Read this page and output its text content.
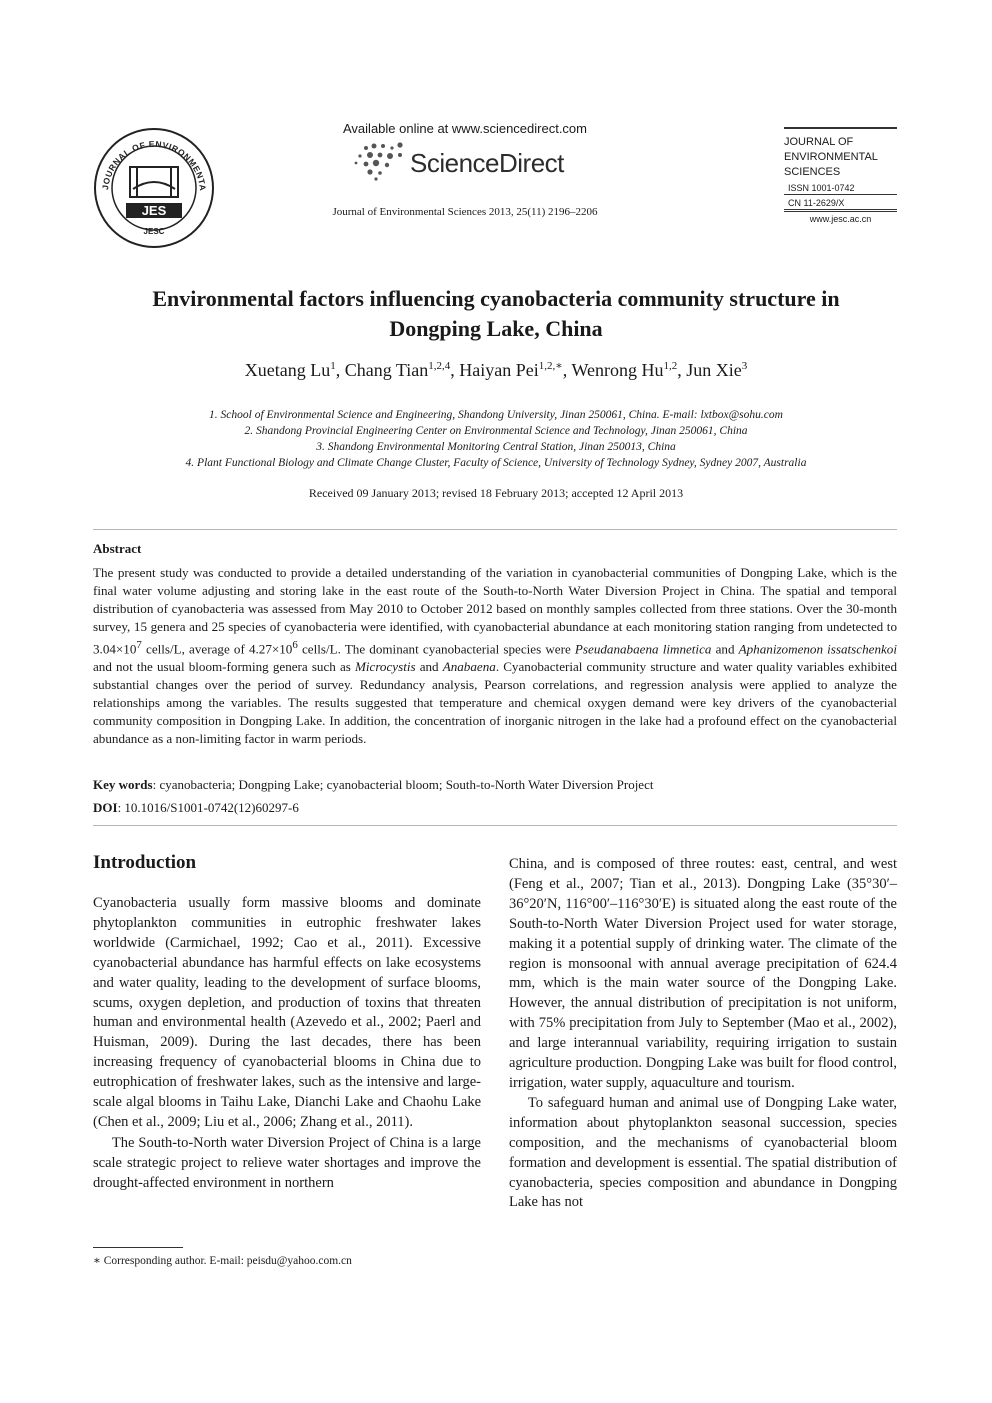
JOURNAL OF ENVIRONMENTA
JES
JESC
Available online at www.sciencedirect.com
ScienceDirect
Journal of Environmental Sciences 2013, 25(11) 2196–2206
JOURNAL OF
ENVIRONMENTAL
SCIENCES
ISSN 1001-0742
CN 11-2629/X
www.jesc.ac.cn
Environmental factors influencing cyanobacteria community structure in
Dongping Lake, China
Xuetang Lu$^1$, Chang Tian$^{1,2,4}$, Haiyan Pei$^{1,2,∗}$, Wenrong Hu$^{1,2}$, Jun Xie$^3$
1. School of Environmental Science and Engineering, Shandong University, Jinan 250061, China. E-mail: lxtbox@sohu.com
2. Shandong Provincial Engineering Center on Environmental Science and Technology, Jinan 250061, China
3. Shandong Environmental Monitoring Central Station, Jinan 250013, China
4. Plant Functional Biology and Climate Change Cluster, Faculty of Science, University of Technology Sydney, Sydney 2007, Australia
Received 09 January 2013; revised 18 February 2013; accepted 12 April 2013
Abstract
The present study was conducted to provide a detailed understanding of the variation in cyanobacterial communities of Dongping Lake, which is the final water volume adjusting and storing lake in the east route of the South-to-North Water Diversion Project in China. The spatial and temporal distribution of cyanobacteria was assessed from May 2010 to October 2012 based on monthly samples collected from three stations. Over the 30-month survey, 15 genera and 25 species of cyanobacteria were identified, with cyanobacterial abundance at each monitoring station ranging from undetected to $3.04\times 10^7$ cells/L, average of $4.27\times 10^6$ cells/L. The dominant cyanobacterial species were Pseudanabaena limnetica and Aphanizomenon issatschenkoi and not the usual bloom-forming genera such as Microcystis and Anabaena. Cyanobacterial community structure and water quality variables exhibited substantial changes over the period of survey. Redundancy analysis, Pearson correlations, and regression analysis were applied to analyze the relationships among the variables. The results suggested that temperature and chemical oxygen demand were key drivers of the cyanobacterial community composition in Dongping Lake. In addition, the concentration of inorganic nitrogen in the lake had a profound effect on the cyanobacterial abundance as a non-limiting factor in warm periods.
Key words: cyanobacteria; Dongping Lake; cyanobacterial bloom; South-to-North Water Diversion Project
DOI: 10.1016/S1001-0742(12)60297-6
Introduction

Cyanobacteria usually form massive blooms and dominate phytoplankton communities in eutrophic freshwater lakes worldwide (Carmichael, 1992; Cao et al., 2011). Excessive cyanobacterial abundance has harmful effects on lake ecosystems and water quality, leading to the development of surface blooms, scums, oxygen depletion, and production of toxins that threaten human and environmental health (Azevedo et al., 2002; Paerl and Huisman, 2009). During the last decades, there has been increasing frequency of cyanobacterial blooms in China due to eutrophication of freshwater lakes, such as the intensive and large-scale algal blooms in Taihu Lake, Dianchi Lake and Chaohu Lake (Chen et al., 2009; Liu et al., 2006; Zhang et al., 2011).

The South-to-North water Diversion Project of China is a large scale strategic project to relieve water shortages and improve the drought-affected environment in northern

China, and is composed of three routes: east, central, and west (Feng et al., 2007; Tian et al., 2013). Dongping Lake (35°30′–36°20′N, 116°00′–116°30′E) is situated along the east route of the South-to-North Water Diversion Project used for water storage, making it a potential supply of drinking water. The climate of the region is monsoonal with annual average precipitation of 624.4 mm, which is the main water source of the Dongping Lake. However, the annual distribution of precipitation is not uniform, with 75% precipitation from July to September (Mao et al., 2002), and large interannual variability, requiring irrigation to sustain agriculture production. Dongping Lake was built for flood control, irrigation, water supply, aquaculture and tourism.

To safeguard human and animal use of Dongping Lake water, information about phytoplankton seasonal succession, species composition, and the mechanisms of cyanobacterial bloom formation and development is essential. The spatial distribution of cyanobacteria, species composition and abundance in Dongping Lake has not

∗ Corresponding author. E-mail: peisdu@yahoo.com.cn
